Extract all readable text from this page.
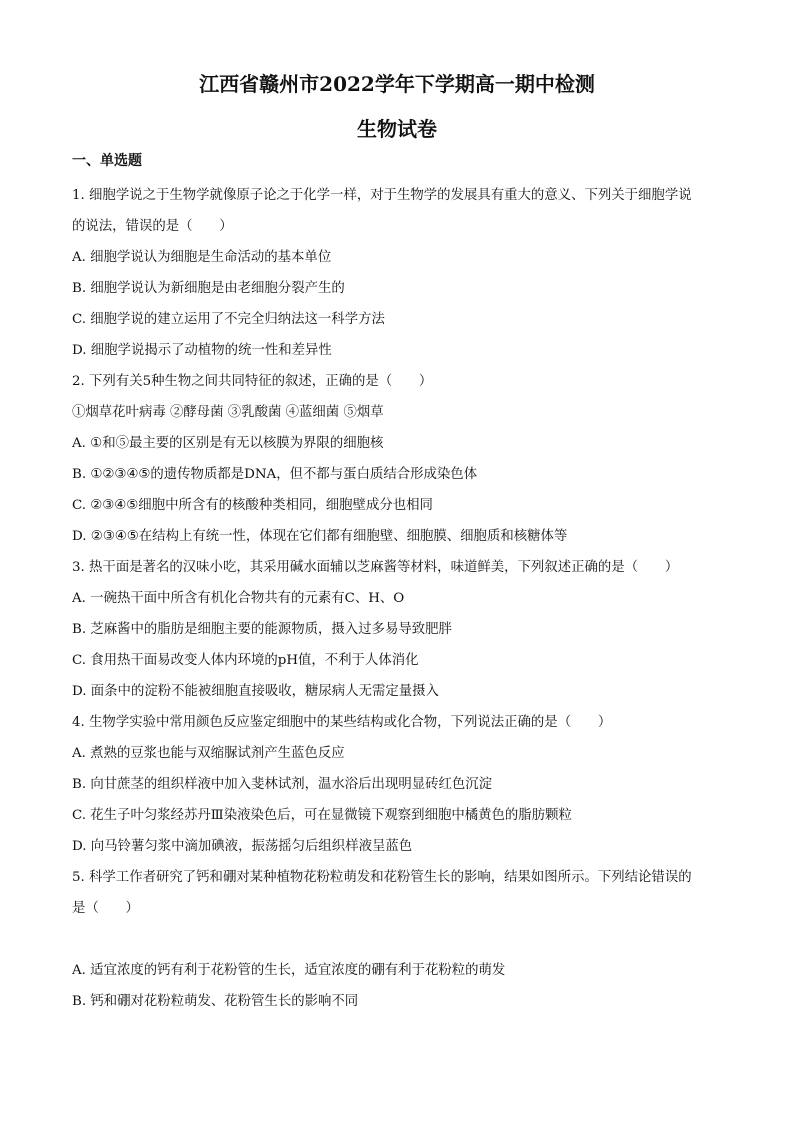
江西省赣州市2022学年下学期高一期中检测
生物试卷
一、单选题
1. 细胞学说之于生物学就像原子论之于化学一样，对于生物学的发展具有重大的意义、下列关于细胞学说
的说法，错误的是（　　）
A. 细胞学说认为细胞是生命活动的基本单位
B. 细胞学说认为新细胞是由老细胞分裂产生的
C. 细胞学说的建立运用了不完全归纳法这一科学方法
D. 细胞学说揭示了动植物的统一性和差异性
2. 下列有关5种生物之间共同特征的叙述，正确的是（　　）
①烟草花叶病毒 ②酵母菌 ③乳酸菌 ④蓝细菌 ⑤烟草
A. ①和⑤最主要的区别是有无以核膜为界限的细胞核
B. ①②③④⑤的遗传物质都是DNA，但不都与蛋白质结合形成染色体
C. ②③④⑤细胞中所含有的核酸种类相同，细胞壁成分也相同
D. ②③④⑤在结构上有统一性，体现在它们都有细胞壁、细胞膜、细胞质和核糖体等
3. 热干面是著名的汉味小吃，其采用碱水面辅以芝麻酱等材料，味道鲜美，下列叙述正确的是（　　）
A. 一碗热干面中所含有机化合物共有的元素有C、H、O
B. 芝麻酱中的脂肪是细胞主要的能源物质，摄入过多易导致肥胖
C. 食用热干面易改变人体内环境的pH值，不利于人体消化
D. 面条中的淀粉不能被细胞直接吸收，糖尿病人无需定量摄入
4. 生物学实验中常用颜色反应鉴定细胞中的某些结构或化合物，下列说法正确的是（　　）
A. 煮熟的豆浆也能与双缩脲试剂产生蓝色反应
B. 向甘蔗茎的组织样液中加入斐林试剂，温水浴后出现明显砖红色沉淀
C. 花生子叶匀浆经苏丹Ⅲ染液染色后，可在显微镜下观察到细胞中橘黄色的脂肪颗粒
D. 向马铃薯匀浆中滴加碘液，振荡摇匀后组织样液呈蓝色
5. 科学工作者研究了钙和硼对某种植物花粉粒萌发和花粉管生长的影响，结果如图所示。下列结论错误的
是（　　）
A. 适宜浓度的钙有利于花粉管的生长，适宜浓度的硼有利于花粉粒的萌发
B. 钙和硼对花粉粒萌发、花粉管生长的影响不同
